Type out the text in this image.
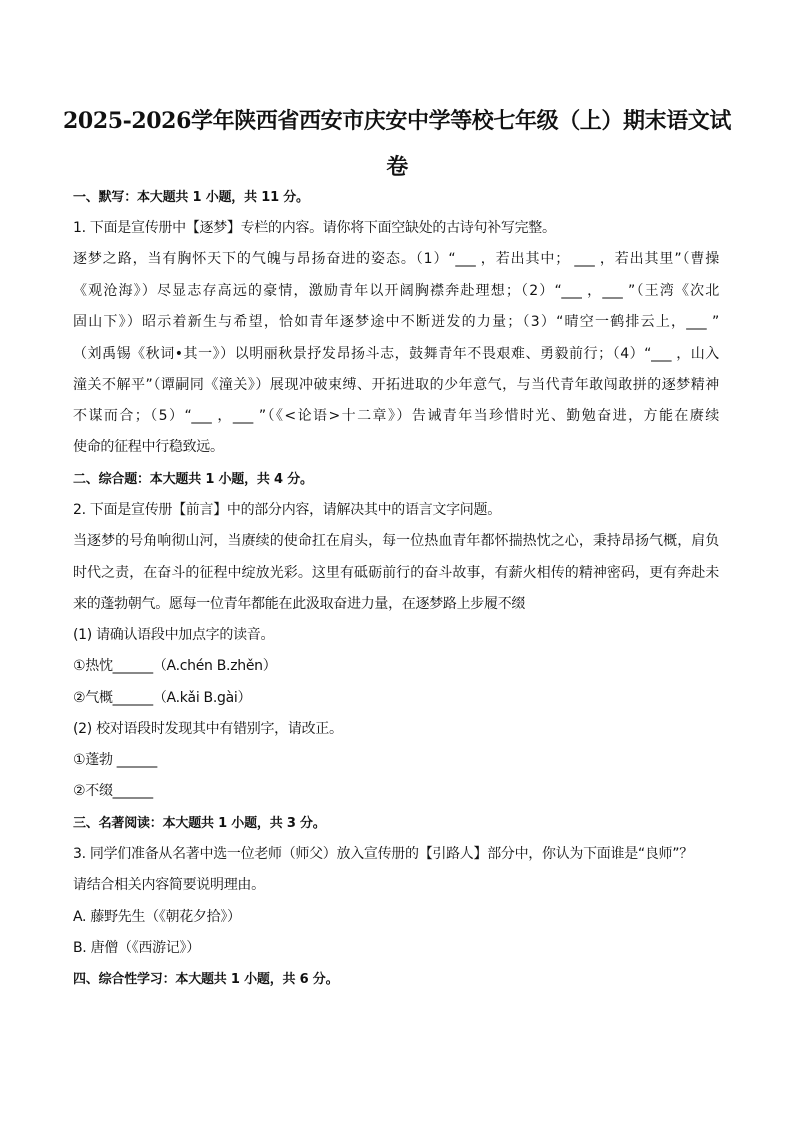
2025-2026学年陕西省西安市庆安中学等校七年级（上）期末语文试卷
一、默写：本大题共 1 小题，共 11 分。
1. 下面是宣传册中【逐梦】专栏的内容。请你将下面空缺处的古诗句补写完整。
逐梦之路，当有胸怀天下的气魄与昂扬奋进的姿态。（1）“___ ，若出其中； ___ ，若出其里”（曹操
《观沧海》）尽显志存高远的豪情，激励青年以开阔胸襟奔赴理想；（2）“___ ，___ ”（王湾《次北
固山下》）昭示着新生与希望，恰如青年逐梦途中不断迸发的力量；（3）“晴空一鹤排云上，___ ”
（刘禹锡《秋词•其一》）以明丽秋景抒发昂扬斗志，鼓舞青年不畏艰难、勇毅前行；（4）“___ ，山入
潼关不解平”（谭嗣同《潼关》）展现冲破束缚、开拓进取的少年意气，与当代青年敢闯敢拼的逐梦精神
不谋而合；（5）“___ ，___ ”（《<论语>十二章》）告诫青年当珍惜时光、勤勉奋进，方能在赓续
使命的征程中行稳致远。
二、综合题：本大题共 1 小题，共 4 分。
2. 下面是宣传册【前言】中的部分内容，请解决其中的语言文字问题。
当逐梦的号角响彻山河，当赓续的使命扛在肩头，每一位热血青年都怀揣热忱之心，秉持昂扬气概，肩负
时代之责，在奋斗的征程中绽放光彩。这里有砥砺前行的奋斗故事，有薪火相传的精神密码，更有奔赴未
来的蓬勃朝气。愿每一位青年都能在此汲取奋进力量，在逐梦路上步履不缀
(1) 请确认语段中加点字的读音。
①热忱______（A.chén B.zhěn）
②气概______（A.kǎi B.gài）
(2) 校对语段时发现其中有错别字，请改正。
①蓬勃 ______
②不缀______
三、名著阅读：本大题共 1 小题，共 3 分。
3. 同学们准备从名著中选一位老师（师父）放入宣传册的【引路人】部分中，你认为下面谁是“良师”？
请结合相关内容简要说明理由。
A. 藤野先生（《朝花夕拾》）
B. 唐僧（《西游记》）
四、综合性学习：本大题共 1 小题，共 6 分。
